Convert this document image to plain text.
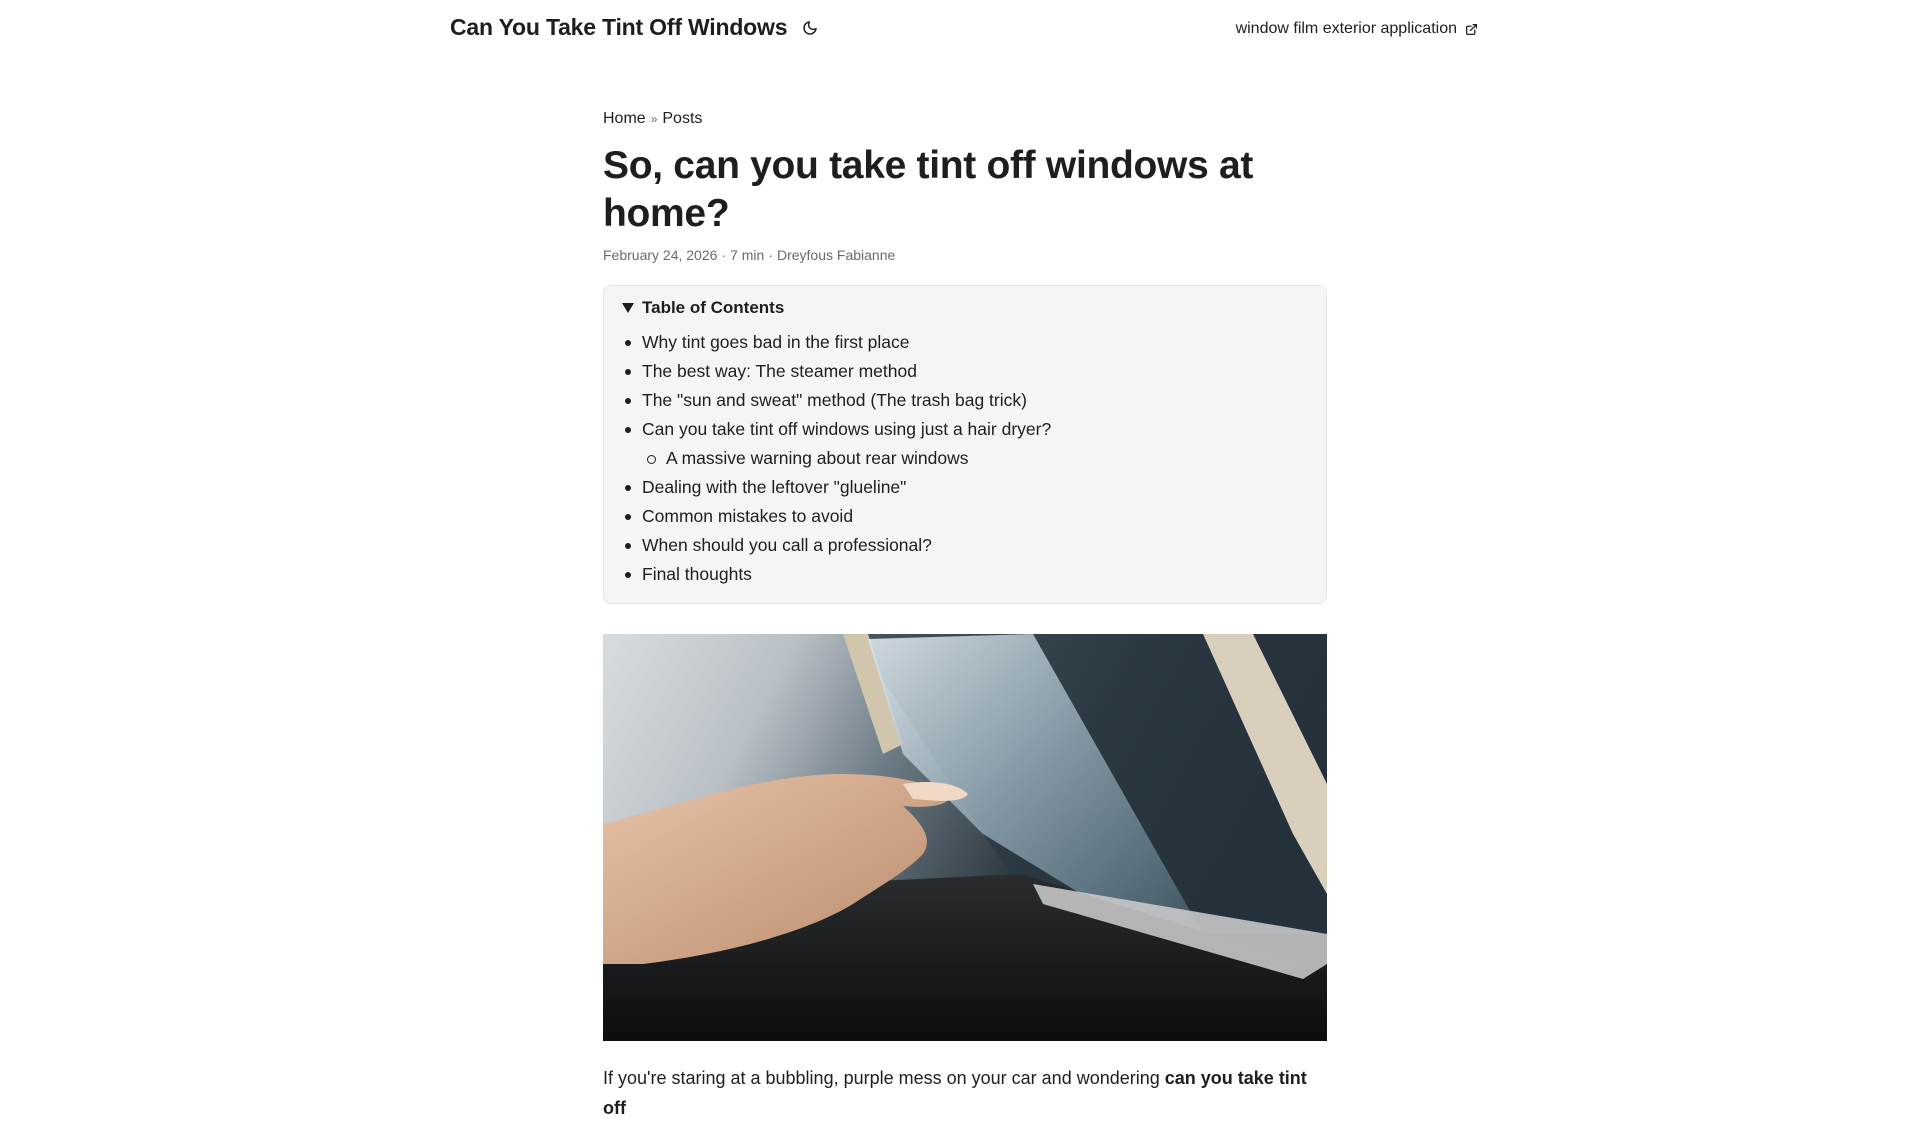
Can You Take Tint Off Windows	window film exterior application
Home » Posts
So, can you take tint off windows at home?
February 24, 2026 · 7 min · Dreyfous Fabianne
Table of Contents
Why tint goes bad in the first place
The best way: The steamer method
The "sun and sweat" method (The trash bag trick)
Can you take tint off windows using just a hair dryer?
A massive warning about rear windows
Dealing with the leftover "glueline"
Common mistakes to avoid
When should you call a professional?
Final thoughts

If you're staring at a bubbling, purple mess on your car and wondering can you take tint off
